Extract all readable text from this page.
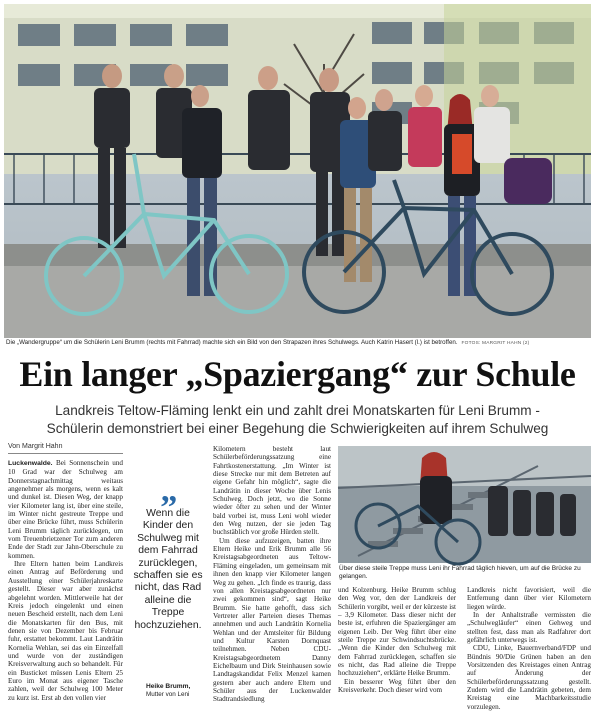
Die „Wandergruppe“ um die Schülerin Leni Brumm (rechts mit Fahrrad) machte sich ein Bild von den Strapazen ihres Schulwegs. Auch Katrin Hasert (l.) ist betroffen. FOTOS: MARGRIT HAHN (2)
Ein langer „Spaziergang“ zur Schule
Landkreis Teltow-Fläming lenkt ein und zahlt drei Monatskarten für Leni Brumm -
Schülerin demonstriert bei einer Begehung die Schwierigkeiten auf ihrem Schulweg
Von Margrit Hahn

Luckenwalde. Bei Sonnenschein und 10 Grad war der Schulweg am Donnerstagnachmittag weitaus angenehmer als morgens, wenn es kalt und dunkel ist. Diesen Weg, der knapp vier Kilometer lang ist, über eine steile, im Winter nicht gestreute Treppe und über eine Brücke führt, muss Schülerin Leni Brumm täglich zurücklegen, um vom Treuenbrietzener Tor zum anderen Ende der Stadt zur Jahn-Oberschule zu kommen.

Ihre Eltern hatten beim Landkreis einen Antrag auf Beförderung und Ausstellung einer Schülerjahreskarte gestellt. Dieser war aber zunächst abgelehnt worden. Mittlerweile hat der Kreis jedoch eingelenkt und einen neuen Bescheid erstellt, nach dem Leni die Monatskarten für den Bus, mit denen sie von Dezember bis Februar fuhr, erstattet bekommt. Laut Landrätin Kornelia Wehlan, sei das ein Einzelfall und wurde von der zuständigen Kreisverwaltung auch so behandelt. Für ein Busticket müssen Lenis Eltern 25 Euro im Monat aus eigener Tasche zahlen, weil der Schulweg 100 Meter zu kurz ist. Erst ab den vollen vier

„
Wenn die Kinder den Schulweg mit dem Fahrrad zurücklegen, schaffen sie es nicht, das Rad alleine die Treppe hochzuziehen.
Heike Brumm,
Mutter von Leni

Kilometern besteht laut Schülerbeförderungssatzung eine Fahrtkostenerstattung. „Im Winter ist diese Strecke nur mit dem Betreten auf eigene Gefahr hin möglich“, sagte die Landrätin in dieser Woche über Lenis Schulweg. Doch jetzt, wo die Sonne wieder öfter zu sehen und der Winter bald vorbei ist, muss Leni wohl wieder den Weg nutzen, der sie jeden Tag buchstäblich vor große Hürden stellt.

Um diese aufzuzeigen, batten ihre Eltern Heike und Erik Brumm alle 56 Kreistagsabgeordneten aus Teltow-Fläming eingeladen, um gemeinsam mit ihnen den knapp vier Kilometer langen Weg zu gehen. „Ich finde es traurig, dass von allen Kreistagsabgeordneten nur zwei gekommen sind“, sagt Heike Brumm. Sie hatte gehofft, dass sich Vertreter aller Parteien dieses Themas annehmen und auch Landrätin Kornelia Wehlan und der Amtsleiter für Bildung und Kultur Karsten Dornquast teilnehmen. Neben CDU-Kreistagsabgeordnetem Danny Eichelbaum und Dirk Steinhausen sowie Landtagskandidat Felix Menzel kamen gestern aber auch andere Eltern und Schüler aus der Luckenwalder Stadtrandsiedlung

Über diese steile Treppe muss Leni ihr Fahrrad täglich hieven, um auf die Brücke zu gelangen.

und Kolzenburg. Heike Brumm schlug den Weg vor, den der Landkreis der Schülerin vorgibt, weil er der kürzeste ist – 3,9 Kilometer. Dass dieser nicht der beste ist, erfuhren die Spaziergänger am eigenen Leib. Der Weg führt über eine steile Treppe zur Schwindsuchtsbrücke. „Wenn die Kinder den Schulweg mit dem Fahrrad zurücklegen, schaffen sie es nicht, das Rad alleine die Treppe hochzuziehen“, erklärte Heike Brumm.

Ein besserer Weg führt über den Kreisverkehr. Doch dieser wird vom

Landkreis nicht favorisiert, weil die Entfernung dann über vier Kilometern liegen würde.

In der Anhaltstraße vermissten die „Schulwegläufer“ einen Gehweg und stellten fest, dass man als Radfahrer dort gefährlich unterwegs ist.

CDU, Linke, Bauernverband/FDP und Bündnis 90/Die Grünen haben an den Vorsitzenden des Kreistages einen Antrag auf Änderung der Schülerbeförderungssatzung gestellt. Zudem wird die Landrätin gebeten, dem Kreistag eine Machbarkeitsstudie vorzulegen.
